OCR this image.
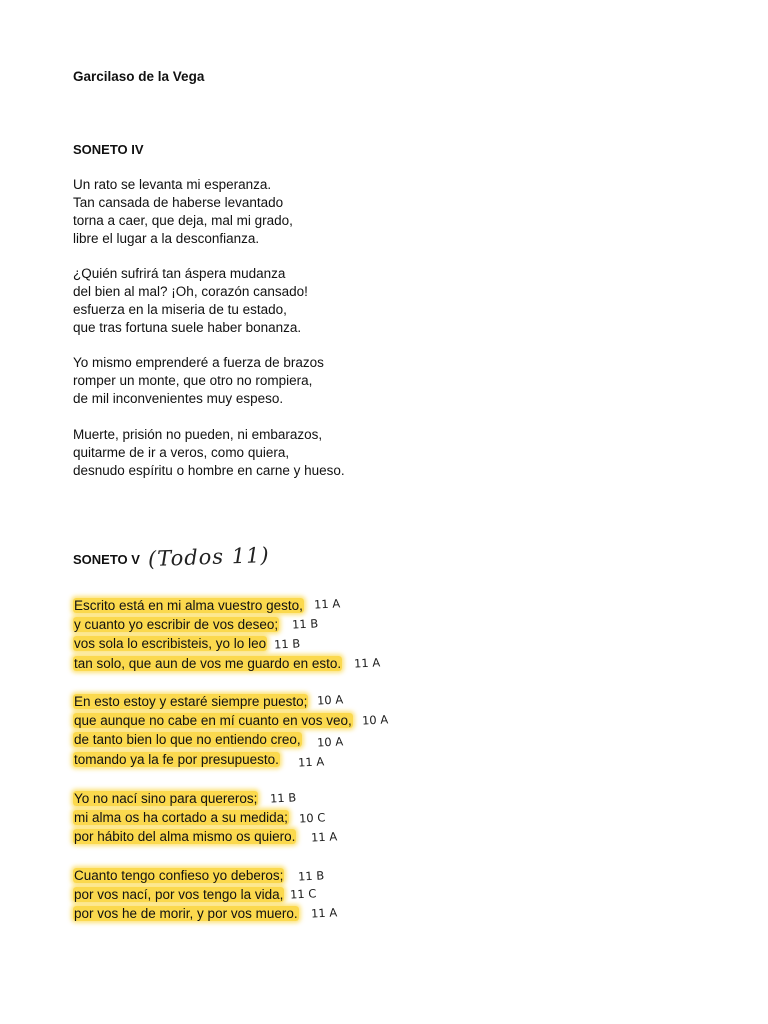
Garcilaso de la Vega
SONETO IV
Un rato se levanta mi esperanza.
Tan cansada de haberse levantado
torna a caer, que deja, mal mi grado,
libre el lugar a la desconfianza.
¿Quién sufrirá tan áspera mudanza
del bien al mal? ¡Oh, corazón cansado!
esfuerza en la miseria de tu estado,
que tras fortuna suele haber bonanza.
Yo mismo emprenderé a fuerza de brazos
romper un monte, que otro no rompiera,
de mil inconvenientes muy espeso.
Muerte, prisión no pueden, ni embarazos,
quitarme de ir a veros, como quiera,
desnudo espíritu o hombre en carne y hueso.
SONETO V (Todos 11)
Escrito está en mi alma vuestro gesto,
y cuanto yo escribir de vos deseo;
vos sola lo escribisteis, yo lo leo
tan solo, que aun de vos me guardo en esto.
En esto estoy y estaré siempre puesto;
que aunque no cabe en mí cuanto en vos veo,
de tanto bien lo que no entiendo creo,
tomando ya la fe por presupuesto.
Yo no nací sino para quereros;
mi alma os ha cortado a su medida;
por hábito del alma mismo os quiero.
Cuanto tengo confieso yo deberos;
por vos nací, por vos tengo la vida,
por vos he de morir, y por vos muero.
11 A
11 B
11 B
11 A
10 A
10 A
10 A
11 A
11 B
10 C
11 A
11 B
11 C
11 A
